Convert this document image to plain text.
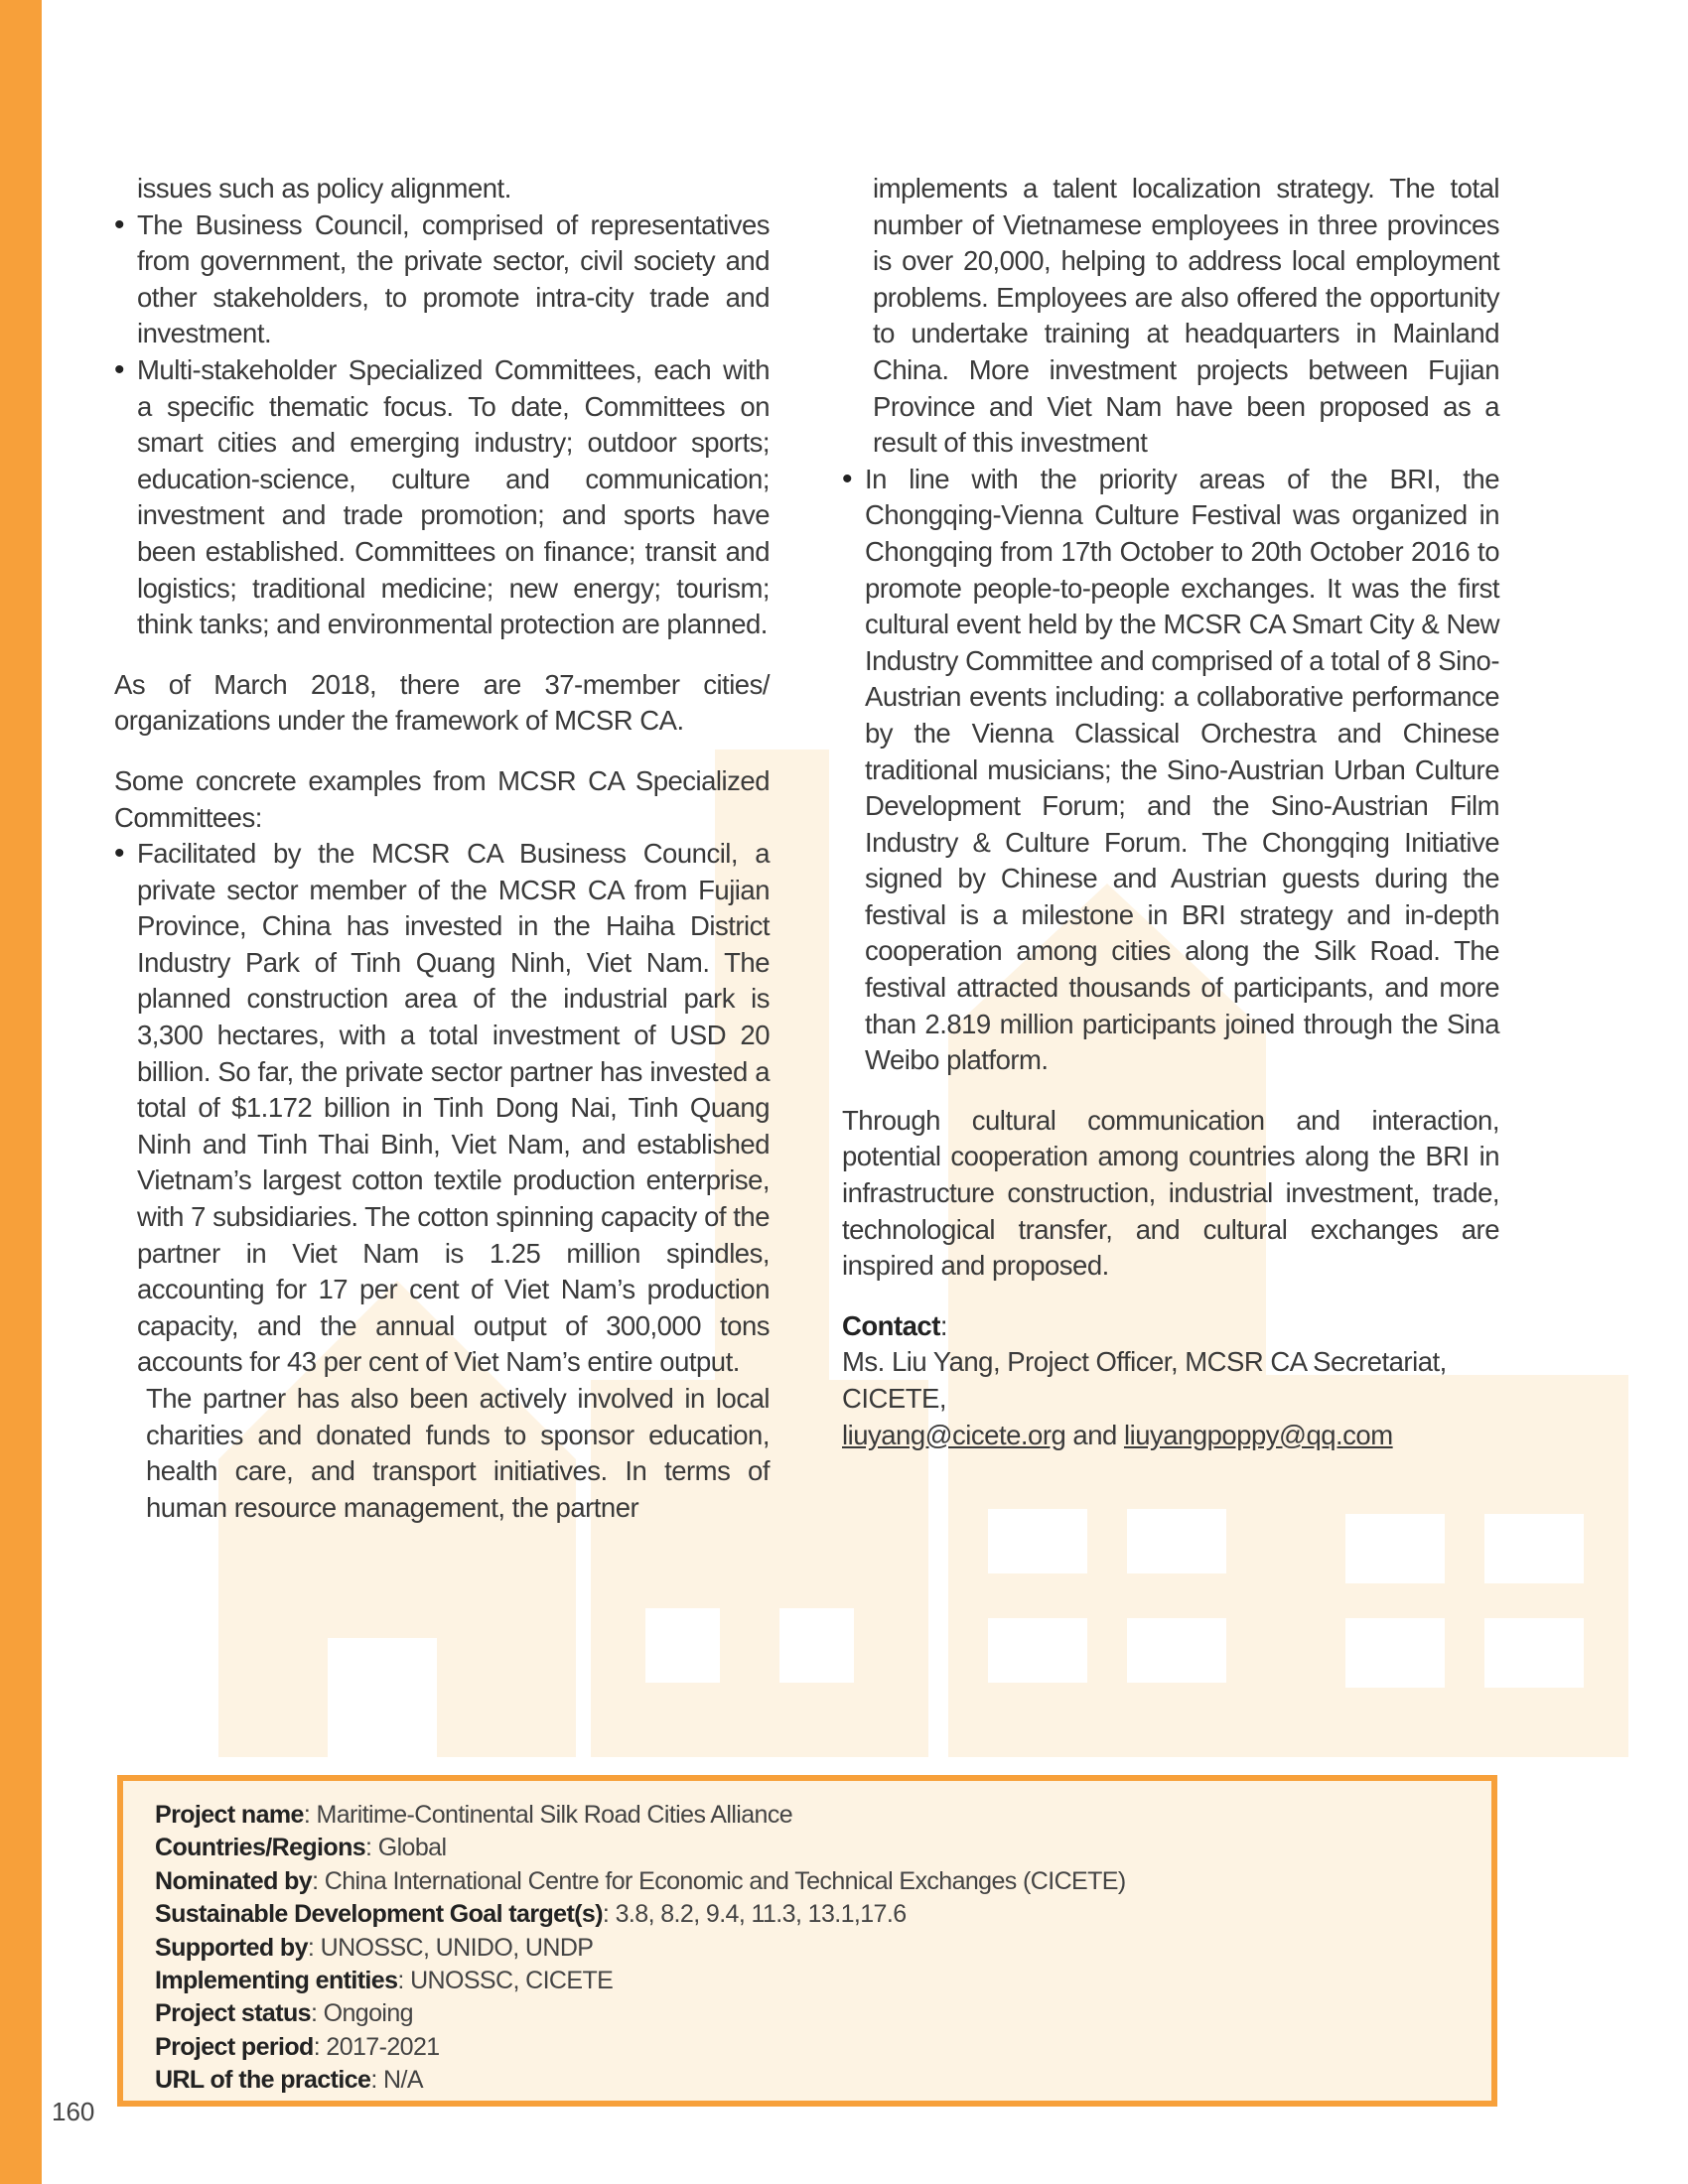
issues such as policy alignment.

• The Business Council, comprised of representatives from government, the private sector, civil society and other stakeholders, to promote intra-city trade and investment.
• Multi-stakeholder Specialized Committees, each with a specific thematic focus. To date, Committees on smart cities and emerging industry; outdoor sports; education-science, culture and communication; investment and trade promotion; and sports have been established. Committees on finance; transit and logistics; traditional medicine; new energy; tourism; think tanks; and environmental protection are planned.

As of March 2018, there are 37-member cities/ organizations under the framework of MCSR CA.

Some concrete examples from MCSR CA Specialized Committees:

• Facilitated by the MCSR CA Business Council, a private sector member of the MCSR CA from Fujian Province, China has invested in the Haiha District Industry Park of Tinh Quang Ninh, Viet Nam. The planned construction area of the industrial park is 3,300 hectares, with a total investment of USD 20 billion. So far, the private sector partner has invested a total of $1.172 billion in Tinh Dong Nai, Tinh Quang Ninh and Tinh Thai Binh, Viet Nam, and established Vietnam’s largest cotton textile production enterprise, with 7 subsidiaries. The cotton spinning capacity of the partner in Viet Nam is 1.25 million spindles, accounting for 17 per cent of Viet Nam’s production capacity, and the annual output of 300,000 tons accounts for 43 per cent of Viet Nam’s entire output.

The partner has also been actively involved in local charities and donated funds to sponsor education, health care, and transport initiatives. In terms of human resource management, the partner

implements a talent localization strategy. The total number of Vietnamese employees in three provinces is over 20,000, helping to address local employment problems. Employees are also offered the opportunity to undertake training at headquarters in Mainland China. More investment projects between Fujian Province and Viet Nam have been proposed as a result of this investment

• In line with the priority areas of the BRI, the Chongqing-Vienna Culture Festival was organized in Chongqing from 17th October to 20th October 2016 to promote people-to-people exchanges. It was the first cultural event held by the MCSR CA Smart City & New Industry Committee and comprised of a total of 8 Sino-Austrian events including: a collaborative performance by the Vienna Classical Orchestra and Chinese traditional musicians; the Sino-Austrian Urban Culture Development Forum; and the Sino-Austrian Film Industry & Culture Forum. The Chongqing Initiative signed by Chinese and Austrian guests during the festival is a milestone in BRI strategy and in-depth cooperation among cities along the Silk Road. The festival attracted thousands of participants, and more than 2.819 million participants joined through the Sina Weibo platform.

Through cultural communication and interaction, potential cooperation among countries along the BRI in infrastructure construction, industrial investment, trade, technological transfer, and cultural exchanges are inspired and proposed.

Contact:
Ms. Liu Yang, Project Officer, MCSR CA Secretariat, CICETE,
liuyang@cicete.org and liuyangpoppy@qq.com

Project name: Maritime-Continental Silk Road Cities Alliance
Countries/Regions: Global
Nominated by: China International Centre for Economic and Technical Exchanges (CICETE)
Sustainable Development Goal target(s): 3.8, 8.2, 9.4, 11.3, 13.1,17.6
Supported by: UNOSSC, UNIDO, UNDP
Implementing entities: UNOSSC, CICETE
Project status: Ongoing
Project period: 2017-2021
URL of the practice: N/A
160
